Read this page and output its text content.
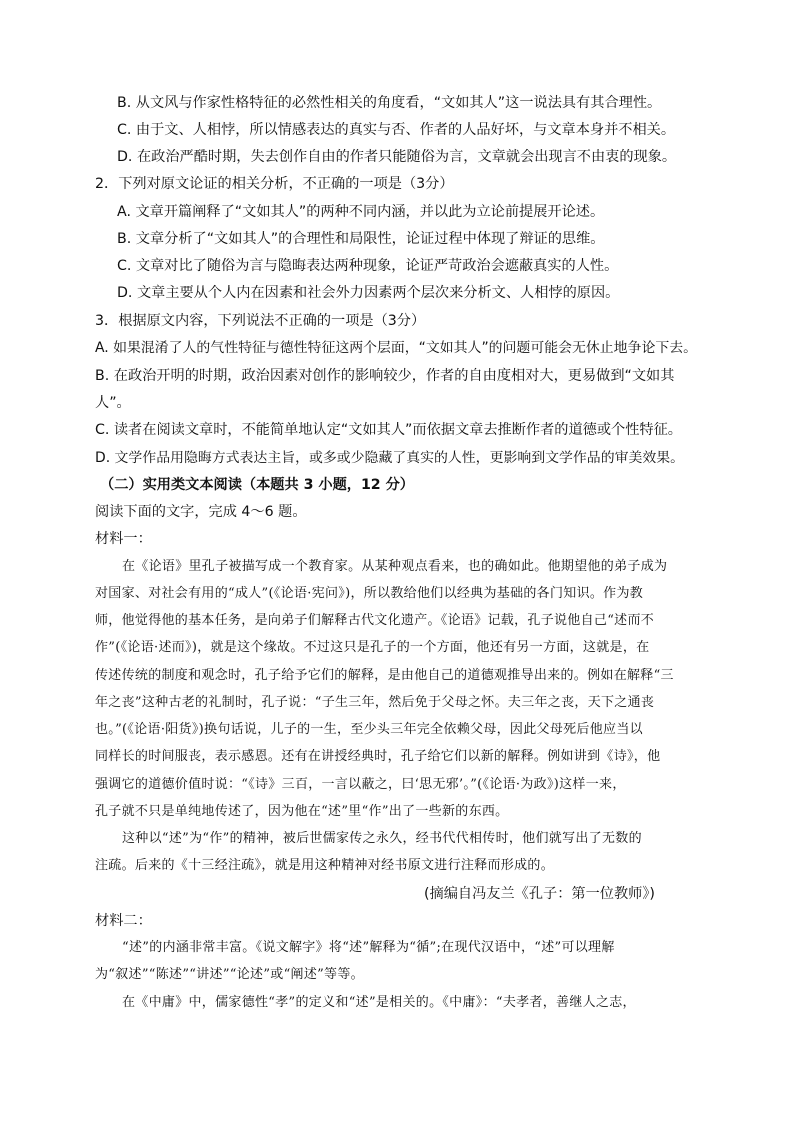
B. 从文风与作家性格特征的必然性相关的角度看，“文如其人”这一说法具有其合理性。
C. 由于文、人相悖，所以情感表达的真实与否、作者的人品好坏，与文章本身并不相关。
D. 在政治严酷时期，失去创作自由的作者只能随俗为言，文章就会出现言不由衷的现象。
2．下列对原文论证的相关分析，不正确的一项是（3分）
A. 文章开篇阐释了“文如其人”的两种不同内涵，并以此为立论前提展开论述。
B. 文章分析了“文如其人”的合理性和局限性，论证过程中体现了辩证的思维。
C. 文章对比了随俗为言与隐晦表达两种现象，论证严苛政治会遮蔽真实的人性。
D. 文章主要从个人内在因素和社会外力因素两个层次来分析文、人相悖的原因。
3．根据原文内容，下列说法不正确的一项是（3分）
A. 如果混淆了人的气性特征与德性特征这两个层面，“文如其人”的问题可能会无休止地争论下去。
B. 在政治开明的时期，政治因素对创作的影响较少，作者的自由度相对大，更易做到“文如其
人”。
C. 读者在阅读文章时，不能简单地认定“文如其人”而依据文章去推断作者的道德或个性特征。
D. 文学作品用隐晦方式表达主旨，或多或少隐藏了真实的人性，更影响到文学作品的审美效果。
（二）实用类文本阅读（本题共 3 小题，12 分）
阅读下面的文字，完成 4～6 题。
材料一：
在《论语》里孔子被描写成一个教育家。从某种观点看来，也的确如此。他期望他的弟子成为
对国家、对社会有用的“成人”(《论语·宪问》)，所以教给他们以经典为基础的各门知识。作为教
师，他觉得他的基本任务，是向弟子们解释古代文化遗产。《论语》记载，孔子说他自己“述而不
作”(《论语·述而》)，就是这个缘故。不过这只是孔子的一个方面，他还有另一方面，这就是，在
传述传统的制度和观念时，孔子给予它们的解释，是由他自己的道德观推导出来的。例如在解释“三
年之丧”这种古老的礼制时，孔子说：“子生三年，然后免于父母之怀。夫三年之丧，天下之通丧
也。”(《论语·阳货》)换句话说，儿子的一生，至少头三年完全依赖父母，因此父母死后他应当以
同样长的时间服丧，表示感恩。还有在讲授经典时，孔子给它们以新的解释。例如讲到《诗》，他
强调它的道德价值时说：“《诗》三百，一言以蔽之，曰‘思无邪’。”(《论语·为政》)这样一来，
孔子就不只是单纯地传述了，因为他在“述”里“作”出了一些新的东西。
这种以“述”为“作”的精神，被后世儒家传之永久，经书代代相传时，他们就写出了无数的
注疏。后来的《十三经注疏》，就是用这种精神对经书原文进行注释而形成的。
(摘编自冯友兰《孔子：第一位教师》)
材料二：
“述”的内涵非常丰富。《说文解字》将“述”解释为“循”;在现代汉语中，“述”可以理解
为“叙述”“陈述”“讲述”“论述”或“阐述”等等。
在《中庸》中，儒家德性“孝”的定义和“述”是相关的。《中庸》：“夫孝者，善继人之志，
